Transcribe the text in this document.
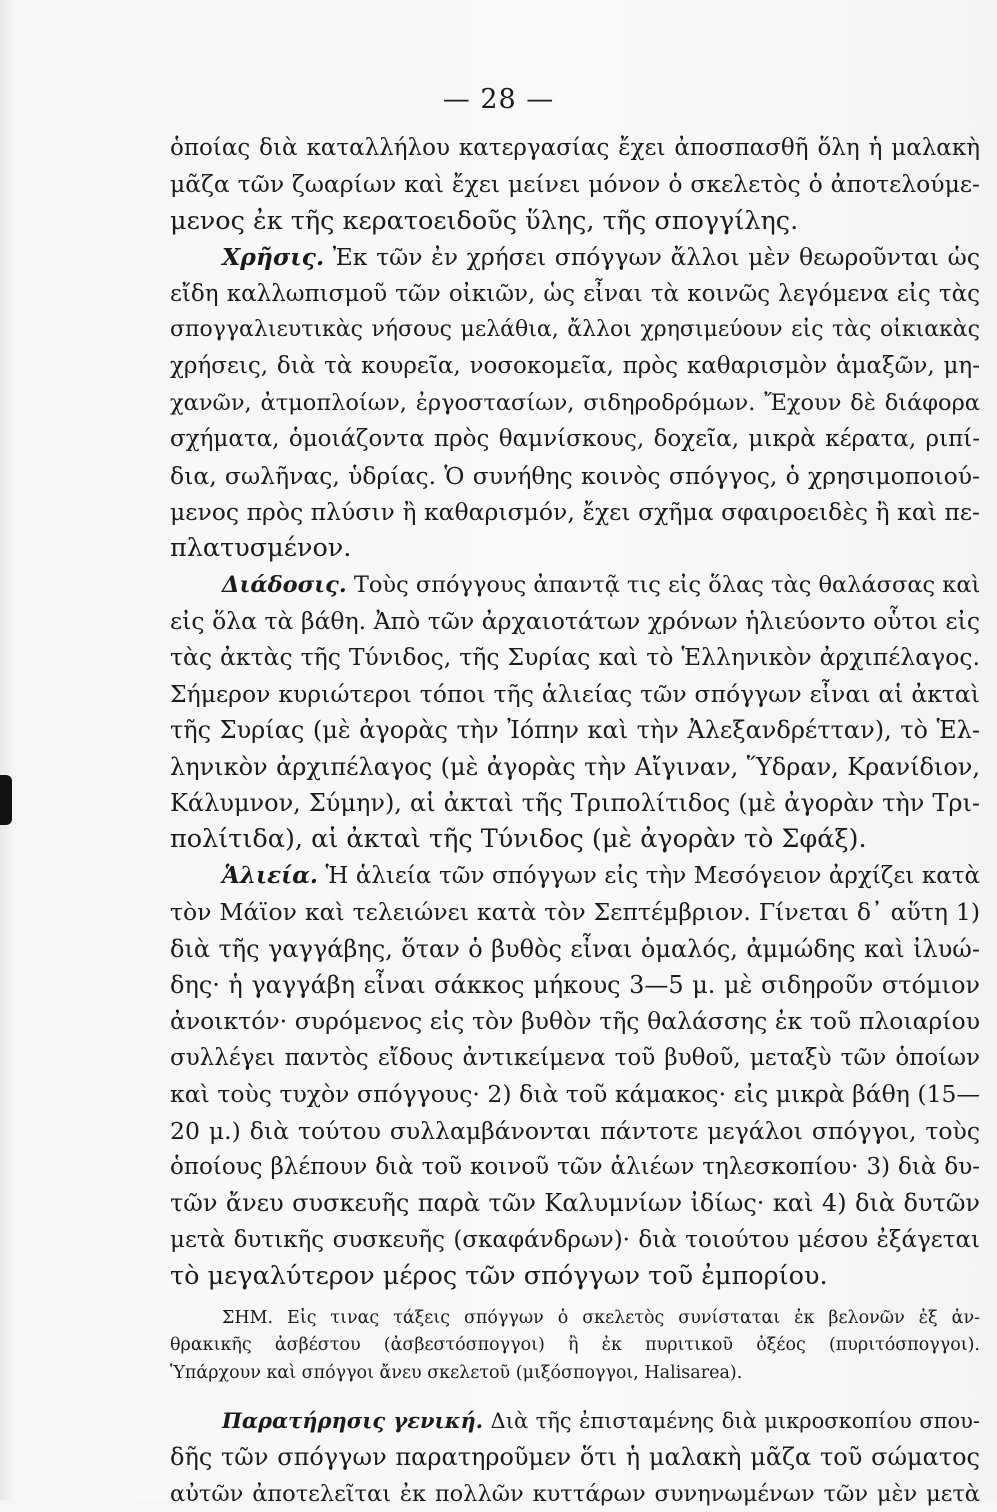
— 28 —
ὁποίας διὰ καταλλήλου κατεργασίας ἔχει ἀποσπασθῆ ὅλη ἡ μαλακὴ
μᾶζα τῶν ζωαρίων καὶ ἔχει μείνει μόνον ὁ σκελετὸς ὁ ἀποτελούμε-
μενος ἐκ τῆς κερατοειδοῦς ὕλης, τῆς σπογγίλης.
Χρῆσις. Ἐκ τῶν ἐν χρήσει σπόγγων ἄλλοι μὲν θεωροῦνται ὡς
εἴδη καλλωπισμοῦ τῶν οἰκιῶν, ὡς εἶναι τὰ κοινῶς λεγόμενα εἰς τὰς
σπογγαλιευτικὰς νήσους μελάθια, ἄλλοι χρησιμεύουν εἰς τὰς οἰκιακὰς
χρήσεις, διὰ τὰ κουρεῖα, νοσοκομεῖα, πρὸς καθαρισμὸν ἁμαξῶν, μη-
χανῶν, ἀτμοπλοίων, ἐργοστασίων, σιδηροδρόμων. Ἔχουν δὲ διάφορα
σχήματα, ὁμοιάζοντα πρὸς θαμνίσκους, δοχεῖα, μικρὰ κέρατα, ριπί-
δια, σωλῆνας, ὑδρίας. Ὁ συνήθης κοινὸς σπόγγος, ὁ χρησιμοποιού-
μενος πρὸς πλύσιν ἢ καθαρισμόν, ἔχει σχῆμα σφαιροειδὲς ἢ καὶ πε-
πλατυσμένον.
Διάδοσις. Τοὺς σπόγγους ἀπαντᾷ τις εἰς ὅλας τὰς θαλάσσας καὶ
εἰς ὅλα τὰ βάθη. Ἀπὸ τῶν ἀρχαιοτάτων χρόνων ἡλιεύοντο οὗτοι εἰς
τὰς ἀκτὰς τῆς Τύνιδος, τῆς Συρίας καὶ τὸ Ἑλληνικὸν ἀρχιπέλαγος.
Σήμερον κυριώτεροι τόποι τῆς ἁλιείας τῶν σπόγγων εἶναι αἱ ἀκταὶ
τῆς Συρίας (μὲ ἀγορὰς τὴν Ἰόπην καὶ τὴν Ἀλεξανδρέτταν), τὸ Ἑλ-
ληνικὸν ἀρχιπέλαγος (μὲ ἀγορὰς τὴν Αἴγιναν, Ὕδραν, Κρανίδιον,
Κάλυμνον, Σύμην), αἱ ἀκταὶ τῆς Τριπολίτιδος (μὲ ἀγορὰν τὴν Τρι-
πολίτιδα), αἱ ἀκταὶ τῆς Τύνιδος (μὲ ἀγορὰν τὸ Σφάξ).
Ἁλιεία. Ἡ ἁλιεία τῶν σπόγγων εἰς τὴν Μεσόγειον ἀρχίζει κατὰ
τὸν Μάϊον καὶ τελειώνει κατὰ τὸν Σεπτέμβριον. Γίνεται δ᾽ αὕτη 1)
διὰ τῆς γαγγάβης, ὅταν ὁ βυθὸς εἶναι ὁμαλός, ἀμμώδης καὶ ἰλυώ-
δης· ἡ γαγγάβη εἶναι σάκκος μήκους 3—5 μ. μὲ σιδηροῦν στόμιον
ἀνοικτόν· συρόμενος εἰς τὸν βυθὸν τῆς θαλάσσης ἐκ τοῦ πλοιαρίου
συλλέγει παντὸς εἴδους ἀντικείμενα τοῦ βυθοῦ, μεταξὺ τῶν ὁποίων
καὶ τοὺς τυχὸν σπόγγους· 2) διὰ τοῦ κάμακος· εἰς μικρὰ βάθη (15—
20 μ.) διὰ τούτου συλλαμβάνονται πάντοτε μεγάλοι σπόγγοι, τοὺς
ὁποίους βλέπουν διὰ τοῦ κοινοῦ τῶν ἁλιέων τηλεσκοπίου· 3) διὰ δυ-
τῶν ἄνευ συσκευῆς παρὰ τῶν Καλυμνίων ἰδίως· καὶ 4) διὰ δυτῶν
μετὰ δυτικῆς συσκευῆς (σκαφάνδρων)· διὰ τοιούτου μέσου ἐξάγεται
τὸ μεγαλύτερον μέρος τῶν σπόγγων τοῦ ἐμπορίου.
ΣΗΜ. Εἰς τινας τάξεις σπόγγων ὁ σκελετὸς συνίσταται ἐκ βελονῶν ἐξ ἀν-
θρακικῆς ἀσβέστου (ἀσβεστόσπογγοι) ἢ ἐκ πυριτικοῦ ὀξέος (πυριτόσπογγοι).
Ὑπάρχουν καὶ σπόγγοι ἄνευ σκελετοῦ (μιξόσπογγοι, Halisarea).
Παρατήρησις γενική. Διὰ τῆς ἐπισταμένης διὰ μικροσκοπίου σπου-
δῆς τῶν σπόγγων παρατηροῦμεν ὅτι ἡ μαλακὴ μᾶζα τοῦ σώματος
αὐτῶν ἀποτελεῖται ἐκ πολλῶν κυττάρων συνηνωμένων τῶν μὲν μετὰ
